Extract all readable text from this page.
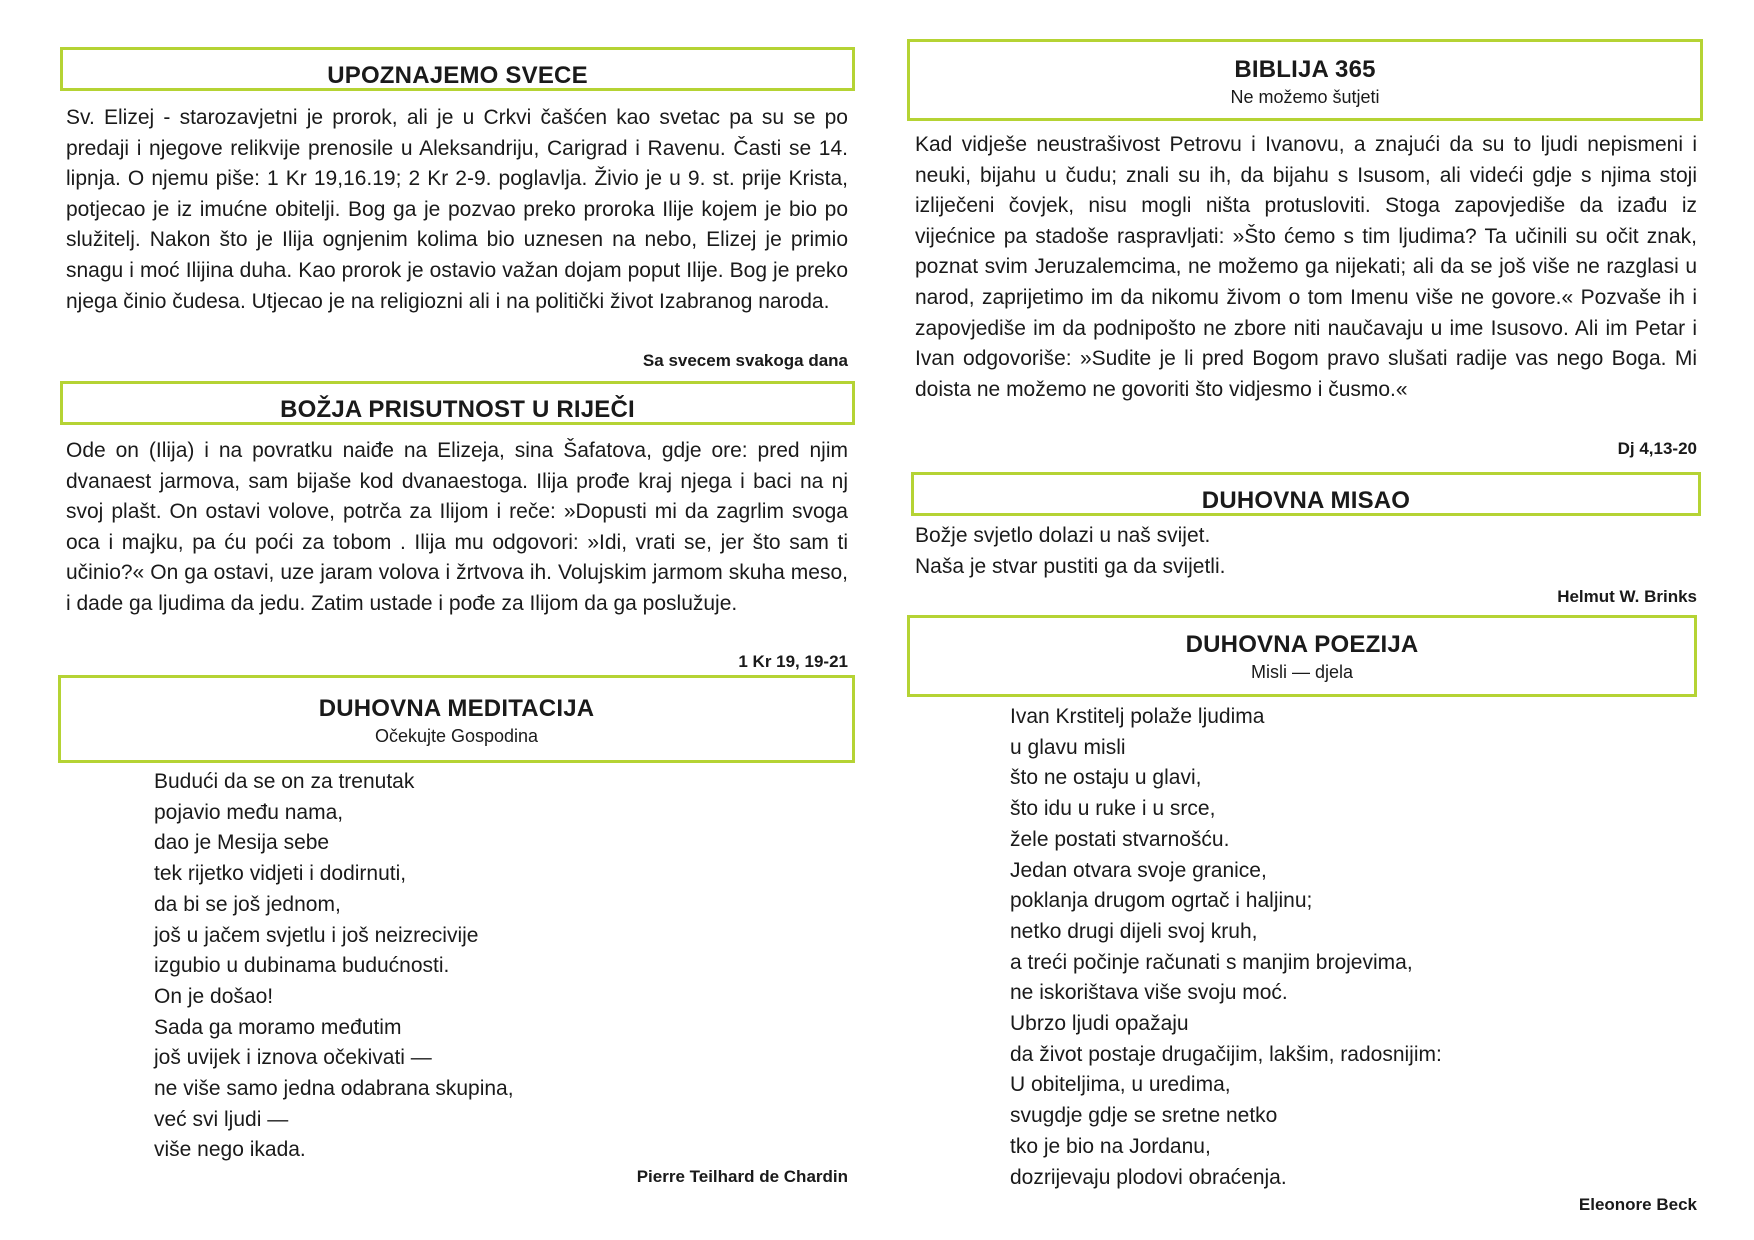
UPOZNAJEMO SVECE

Sv. Elizej - starozavjetni je prorok, ali je u Crkvi čašćen kao svetac pa su se po predaji i njegove relikvije prenosile u Aleksandriju, Carigrad i Ravenu. Časti se 14. lipnja. O njemu piše: 1 Kr 19,16.19; 2 Kr 2-9. poglavlja. Živio je u 9. st. prije Krista, potjecao je iz imućne obitelji. Bog ga je pozvao preko proroka Ilije kojem je bio po služitelj. Nakon što je Ilija ognjenim kolima bio uznesen na nebo, Elizej je primio snagu i moć Ilijina duha. Kao prorok je ostavio važan dojam poput Ilije. Bog je preko njega činio čudesa. Utjecao je na religiozni ali i na politički život Izabranog naroda.

Sa svecem svakoga dana
BOŽJA PRISUTNOST U RIJEČI

Ode on (Ilija) i na povratku naiđe na Elizeja, sina Šafatova, gdje ore: pred njim dvanaest jarmova, sam bijaše kod dvanaestoga. Ilija prođe kraj njega i baci na nj svoj plašt. On ostavi volove, potrča za Ilijom i reče: »Dopusti mi da zagrlim svoga oca i majku, pa ću poći za tobom . Ilija mu odgovori: »Idi, vrati se, jer što sam ti učinio?« On ga ostavi, uze jaram volova i žrtvova ih. Volujskim jarmom skuha meso, i dade ga ljudima da jedu. Zatim ustade i pođe za Ilijom da ga poslužuje.

1 Kr 19, 19-21
DUHOVNA MEDITACIJA
Očekujte Gospodina
Budući da se on za trenutak
pojavio među nama,
dao je Mesija sebe
tek rijetko vidjeti i dodirnuti,
da bi se još jednom,
još u jačem svjetlu i još neizrecivije
izgubio u dubinama budućnosti.
On je došao!
Sada ga moramo međutim
još uvijek i iznova očekivati —
ne više samo jedna odabrana skupina,
već svi ljudi —
više nego ikada.
Pierre Teilhard de Chardin
BIBLIJA 365
Ne možemo šutjeti

Kad vidješe neustrašivost Petrovu i Ivanovu, a znajući da su to ljudi nepismeni i neuki, bijahu u čudu; znali su ih, da bijahu s Isusom, ali videći gdje s njima stoji izliječeni čovjek, nisu mogli ništa protusloviti. Stoga zapovjediše da izađu iz vijećnice pa stadoše raspravljati: »Što ćemo s tim ljudima? Ta učinili su očit znak, poznat svim Jeruzalemcima, ne možemo ga nijekati; ali da se još više ne razglasi u narod, zaprijetimo im da nikomu živom o tom Imenu više ne govore.« Pozvaše ih i zapovjediše im da podnipošto ne zbore niti naučavaju u ime Isusovo. Ali im Petar i Ivan odgovoriše: »Sudite je li pred Bogom pravo slušati radije vas nego Boga. Mi doista ne možemo ne govoriti što vidjesmo i čusmo.«

Dj 4,13-20
DUHOVNA MISAO
Božje svjetlo dolazi u naš svijet.
Naša je stvar pustiti ga da svijetli.
Helmut W. Brinks
DUHOVNA POEZIJA
Misli — djela
Ivan Krstitelj polaže ljudima
u glavu misli
što ne ostaju u glavi,
što idu u ruke i u srce,
žele postati stvarnošću.
Jedan otvara svoje granice,
poklanja drugom ogrtač i haljinu;
netko drugi dijeli svoj kruh,
a treći počinje računati s manjim brojevima,
ne iskorištava više svoju moć.
Ubrzo ljudi opažaju
da život postaje drugačijim, lakšim, radosnijim:
U obiteljima, u uredima,
svugdje gdje se sretne netko
tko je bio na Jordanu,
dozrijevaju plodovi obraćenja.
Eleonore Beck
